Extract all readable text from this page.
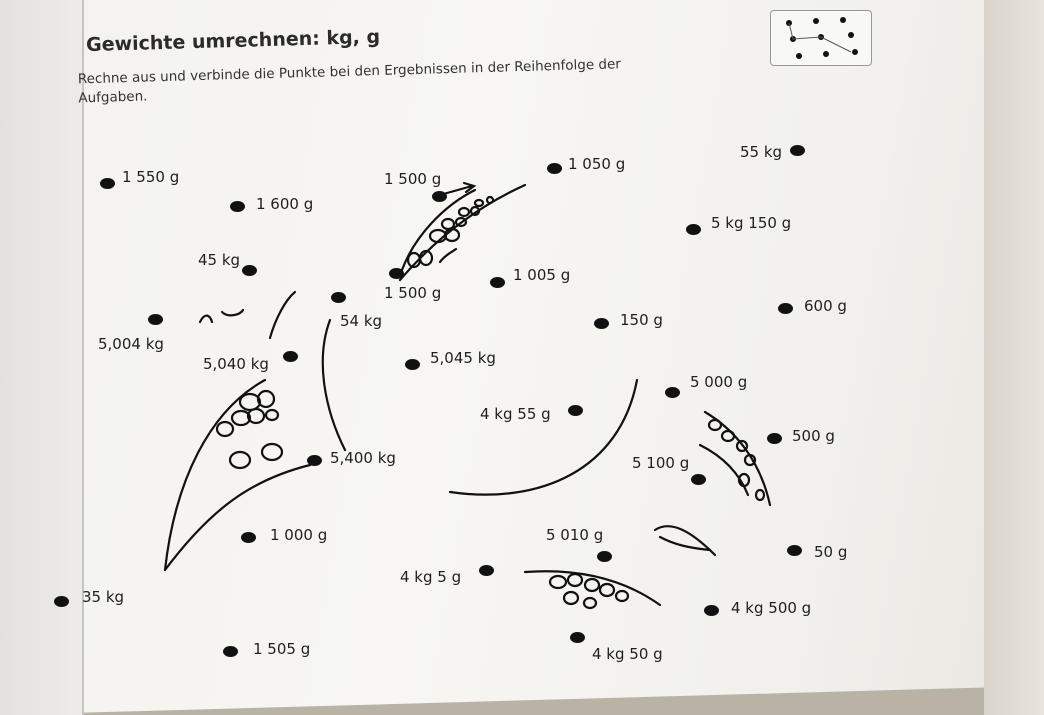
Gewichte umrechnen: kg, g
Rechne aus und verbinde die Punkte bei den Ergebnissen in der Reihenfolge der Aufgaben.
1 550 g	1 500 g
1 050 g
55 kg
1 600 g
5 kg 150 g
45 kg
1 005 g
1 500 g
600 g
54 kg	150 g
5,004 kg
5,040 kg	5,045 kg
5 000 g
4 kg 55 g
500 g
5,400 kg	5 100 g
1 000 g	5 010 g
50 g
4 kg 5 g
35 kg
4 kg 500 g
1 505 g	4 kg 50 g
